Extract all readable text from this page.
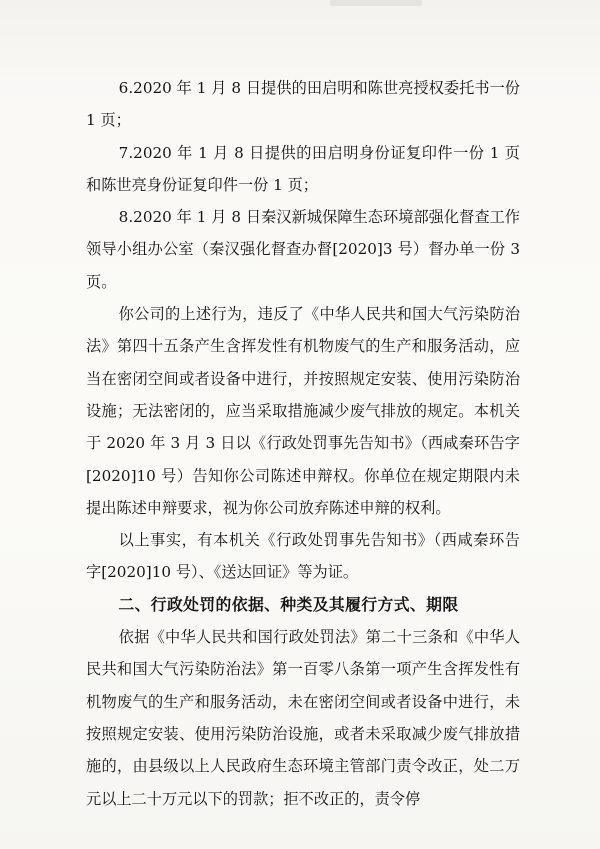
6.2020 年 1 月 8 日提供的田启明和陈世亮授权委托书一份 1 页；

7.2020 年 1 月 8 日提供的田启明身份证复印件一份 1 页和陈世亮身份证复印件一份 1 页；

8.2020 年 1 月 8 日秦汉新城保障生态环境部强化督查工作领导小组办公室（秦汉强化督查办督[2020]3 号）督办单一份 3 页。

你公司的上述行为，违反了《中华人民共和国大气污染防治法》第四十五条产生含挥发性有机物废气的生产和服务活动，应当在密闭空间或者设备中进行，并按照规定安装、使用污染防治设施；无法密闭的，应当采取措施减少废气排放的规定。本机关于 2020 年 3 月 3 日以《行政处罚事先告知书》（西咸秦环告字[2020]10 号）告知你公司陈述申辩权。你单位在规定期限内未提出陈述申辩要求，视为你公司放弃陈述申辩的权利。

以上事实，有本机关《行政处罚事先告知书》（西咸秦环告字[2020]10 号）、《送达回证》等为证。

二、行政处罚的依据、种类及其履行方式、期限

依据《中华人民共和国行政处罚法》第二十三条和《中华人民共和国大气污染防治法》第一百零八条第一项产生含挥发性有机物废气的生产和服务活动，未在密闭空间或者设备中进行，未按照规定安装、使用污染防治设施，或者未采取减少废气排放措施的，由县级以上人民政府生态环境主管部门责令改正，处二万元以上二十万元以下的罚款；拒不改正的，责令停
